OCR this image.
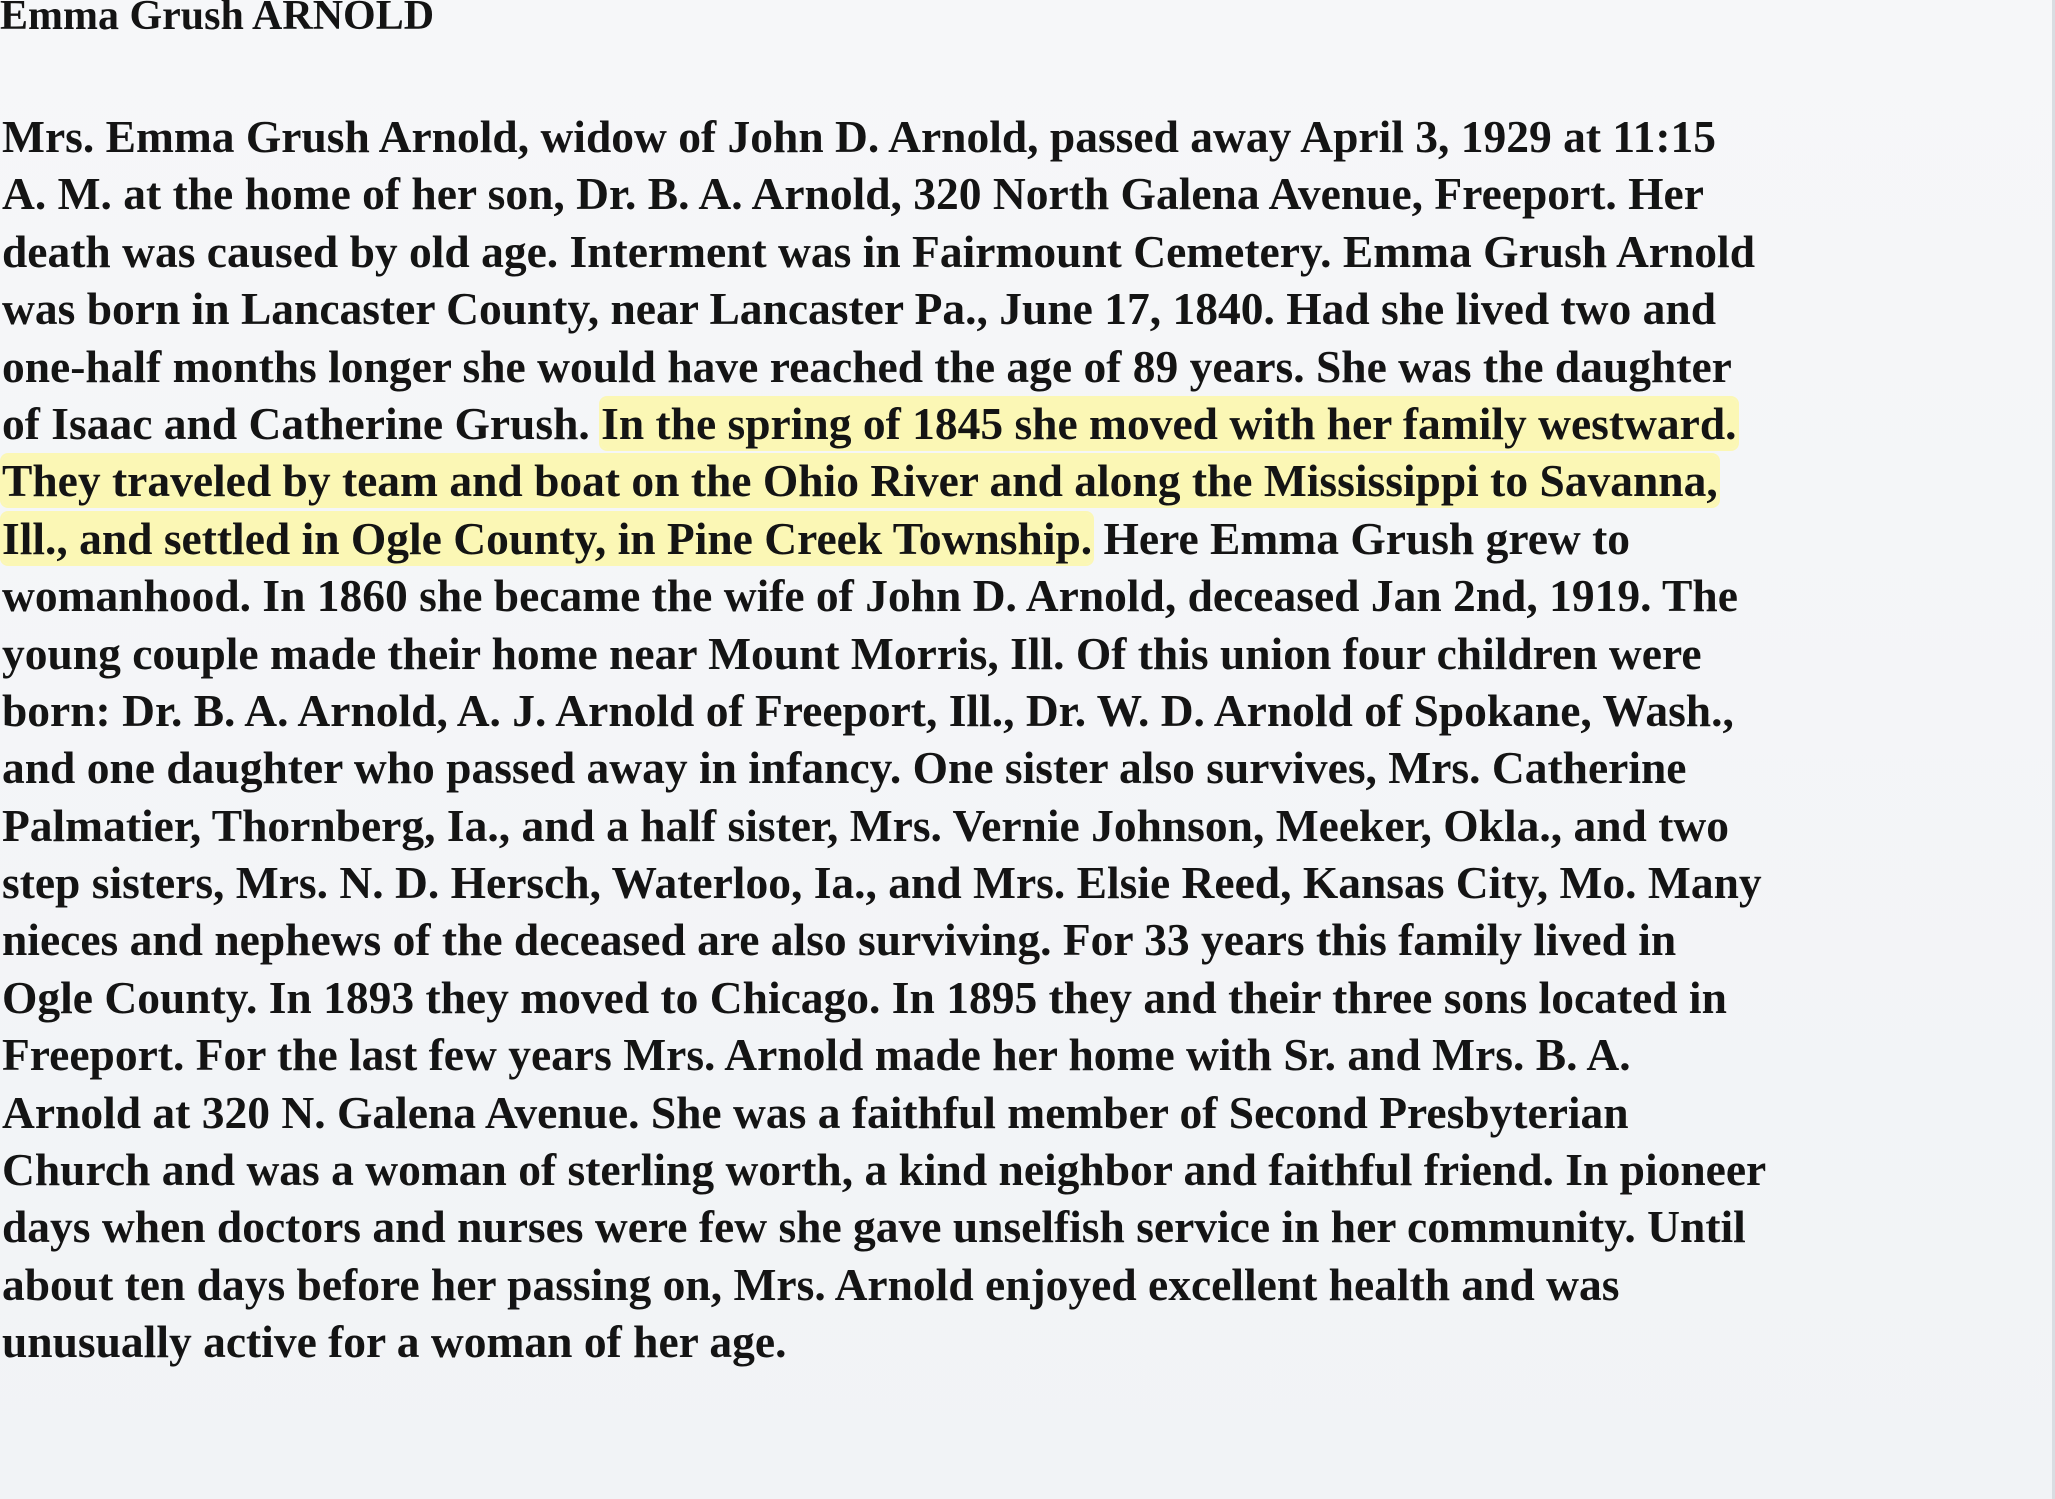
Emma Grush ARNOLD
Mrs. Emma Grush Arnold, widow of John D. Arnold, passed away April 3, 1929 at 11:15
A. M. at the home of her son, Dr. B. A. Arnold, 320 North Galena Avenue, Freeport. Her
death was caused by old age. Interment was in Fairmount Cemetery. Emma Grush Arnold
was born in Lancaster County, near Lancaster Pa., June 17, 1840. Had she lived two and
one-half months longer she would have reached the age of 89 years. She was the daughter
of Isaac and Catherine Grush. In the spring of 1845 she moved with her family westward.
They traveled by team and boat on the Ohio River and along the Mississippi to Savanna,
Ill., and settled in Ogle County, in Pine Creek Township. Here Emma Grush grew to
womanhood. In 1860 she became the wife of John D. Arnold, deceased Jan 2nd, 1919. The
young couple made their home near Mount Morris, Ill. Of this union four children were
born: Dr. B. A. Arnold, A. J. Arnold of Freeport, Ill., Dr. W. D. Arnold of Spokane, Wash.,
and one daughter who passed away in infancy. One sister also survives, Mrs. Catherine
Palmatier, Thornberg, Ia., and a half sister, Mrs. Vernie Johnson, Meeker, Okla., and two
step sisters, Mrs. N. D. Hersch, Waterloo, Ia., and Mrs. Elsie Reed, Kansas City, Mo. Many
nieces and nephews of the deceased are also surviving. For 33 years this family lived in
Ogle County. In 1893 they moved to Chicago. In 1895 they and their three sons located in
Freeport. For the last few years Mrs. Arnold made her home with Sr. and Mrs. B. A.
Arnold at 320 N. Galena Avenue. She was a faithful member of Second Presbyterian
Church and was a woman of sterling worth, a kind neighbor and faithful friend. In pioneer
days when doctors and nurses were few she gave unselfish service in her community. Until
about ten days before her passing on, Mrs. Arnold enjoyed excellent health and was
unusually active for a woman of her age.
